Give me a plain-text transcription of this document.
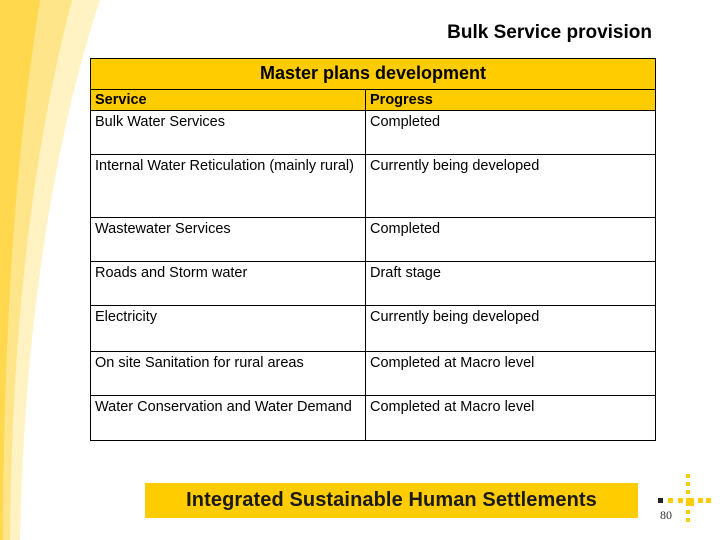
Bulk Service provision
Master plans development	
Service	Progress
Bulk Water Services	Completed
Internal Water Reticulation (mainly rural)	Currently being developed
Wastewater Services	Completed
Roads and Storm water	Draft stage
Electricity	Currently being developed
On site Sanitation for rural areas	Completed at Macro level
Water Conservation and Water Demand	Completed at Macro level
Integrated Sustainable Human Settlements
80
